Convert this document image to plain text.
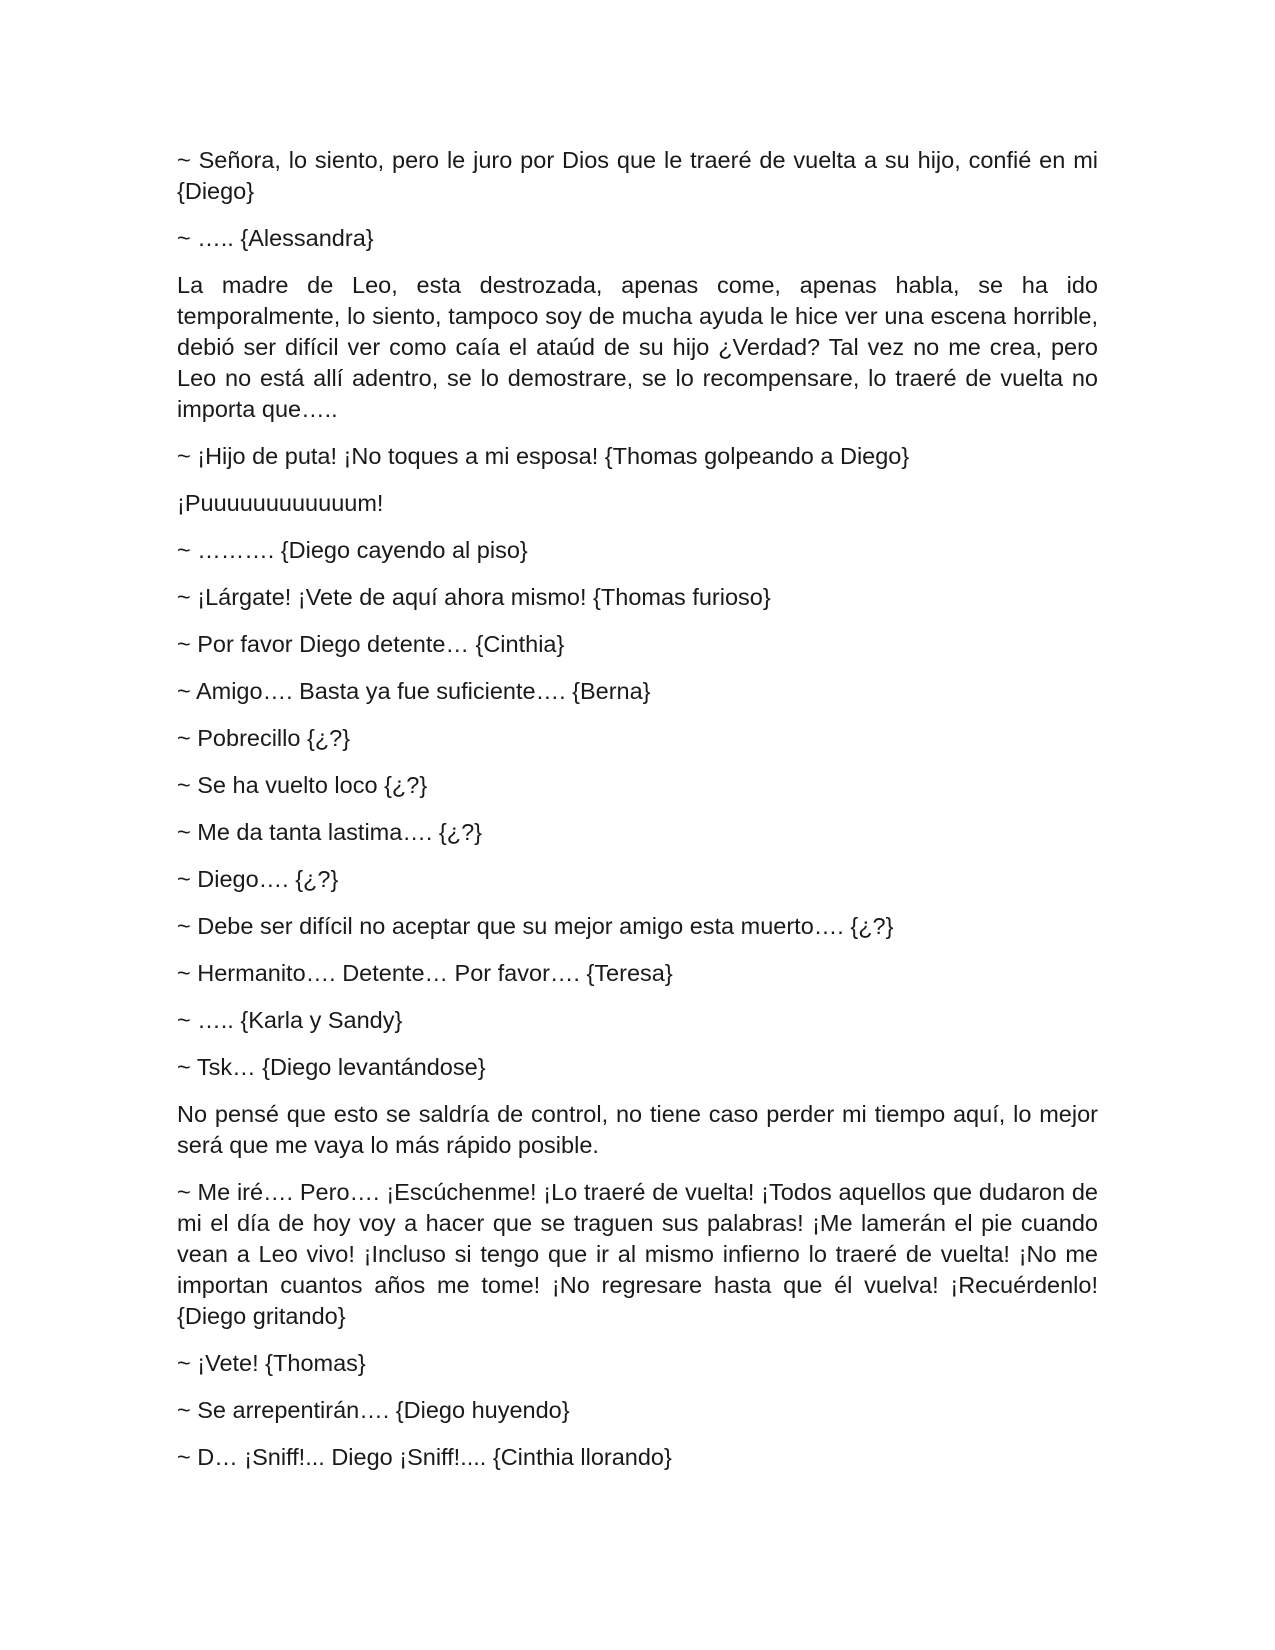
~ Señora, lo siento, pero le juro por Dios que le traeré de vuelta a su hijo, confié en mi {Diego}

~ ….. {Alessandra}

La madre de Leo, esta destrozada, apenas come, apenas habla, se ha ido temporalmente, lo siento, tampoco soy de mucha ayuda le hice ver una escena horrible, debió ser difícil ver como caía el ataúd de su hijo ¿Verdad? Tal vez no me crea, pero Leo no está allí adentro, se lo demostrare, se lo recompensare, lo traeré de vuelta no importa que…..

~ ¡Hijo de puta! ¡No toques a mi esposa! {Thomas golpeando a Diego}

¡Puuuuuuuuuuuum!

~ ………. {Diego cayendo al piso}

~ ¡Lárgate! ¡Vete de aquí ahora mismo! {Thomas furioso}

~ Por favor Diego detente… {Cinthia}

~ Amigo…. Basta ya fue suficiente…. {Berna}

~ Pobrecillo {¿?}

~ Se ha vuelto loco {¿?}

~ Me da tanta lastima…. {¿?}

~ Diego…. {¿?}

~ Debe ser difícil no aceptar que su mejor amigo esta muerto…. {¿?}

~ Hermanito…. Detente… Por favor…. {Teresa}

~ ….. {Karla y Sandy}

~ Tsk… {Diego levantándose}

No pensé que esto se saldría de control, no tiene caso perder mi tiempo aquí, lo mejor será que me vaya lo más rápido posible.

~ Me iré…. Pero…. ¡Escúchenme! ¡Lo traeré de vuelta! ¡Todos aquellos que dudaron de mi el día de hoy voy a hacer que se traguen sus palabras! ¡Me lamerán el pie cuando vean a Leo vivo! ¡Incluso si tengo que ir al mismo infierno lo traeré de vuelta! ¡No me importan cuantos años me tome! ¡No regresare hasta que él vuelva! ¡Recuérdenlo! {Diego gritando}

~ ¡Vete! {Thomas}

~ Se arrepentirán…. {Diego huyendo}

~ D… ¡Sniff!... Diego ¡Sniff!.... {Cinthia llorando}
